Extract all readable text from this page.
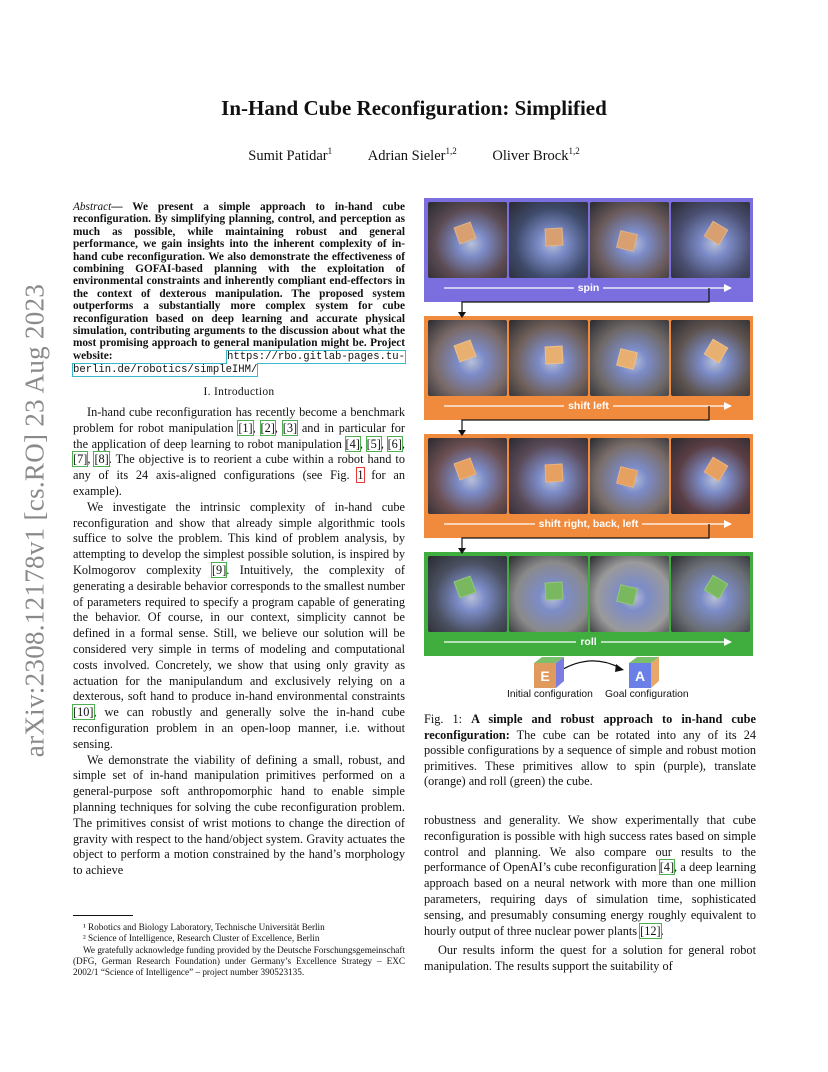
arXiv:2308.12178v1 [cs.RO] 23 Aug 2023
In-Hand Cube Reconfiguration: Simplified
Sumit Patidar$^1$ Adrian Sieler$^{1,2}$ Oliver Brock$^{1,2}$
Abstract— We present a simple approach to in-hand cube reconfiguration. By simplifying planning, control, and perception as much as possible, while maintaining robust and general performance, we gain insights into the inherent complexity of in-hand cube reconfiguration. We also demonstrate the effectiveness of combining GOFAI-based planning with the exploitation of environmental constraints and inherently compliant end-effectors in the context of dexterous manipulation. The proposed system outperforms a substantially more complex system for cube reconfiguration based on deep learning and accurate physical simulation, contributing arguments to the discussion about what the most promising approach to general manipulation might be. Project website: https://rbo.gitlab-pages.tu-berlin.de/robotics/simpleIHM/
I. Introduction

In-hand cube reconfiguration has recently become a benchmark problem for robot manipulation [1], [2], [3] and in particular for the application of deep learning to robot manipulation [4], [5], [6], [7], [8]. The objective is to reorient a cube within a robot hand to any of its 24 axis-aligned configurations (see Fig. 1 for an example).

We investigate the intrinsic complexity of in-hand cube reconfiguration and show that already simple algorithmic tools suffice to solve the problem. This kind of problem analysis, by attempting to develop the simplest possible solution, is inspired by Kolmogorov complexity [9]. Intuitively, the complexity of generating a desirable behavior corresponds to the smallest number of parameters required to specify a program capable of generating the behavior. Of course, in our context, simplicity cannot be defined in a formal sense. Still, we believe our solution will be considered very simple in terms of modeling and computational costs involved. Concretely, we show that using only gravity as actuation for the manipulandum and exclusively relying on a dexterous, soft hand to produce in-hand environmental constraints [10], we can robustly and generally solve the in-hand cube reconfiguration problem in an open-loop manner, i.e. without sensing.

We demonstrate the viability of defining a small, robust, and simple set of in-hand manipulation primitives performed on a general-purpose soft anthropomorphic hand to enable simple planning techniques for solving the cube reconfiguration problem. The primitives consist of wrist motions to change the direction of gravity with respect to the hand/object system. Gravity actuates the object to perform a motion constrained by the hand’s morphology to achieve

¹ Robotics and Biology Laboratory, Technische Universität Berlin

² Science of Intelligence, Research Cluster of Excellence, Berlin

We gratefully acknowledge funding provided by the Deutsche Forschungsgemeinschaft (DFG, German Research Foundation) under Germany’s Excellence Strategy – EXC 2002/1 “Science of Intelligence” – project number 390523135.

spin
shift left
shift right, back, left
roll
E	A
Initial configuration Goal configuration
Fig. 1: A simple and robust approach to in-hand cube reconfiguration: The cube can be rotated into any of its 24 possible configurations by a sequence of simple and robust motion primitives. These primitives allow to spin (purple), translate (orange) and roll (green) the cube.

robustness and generality. We show experimentally that cube reconfiguration is possible with high success rates based on simple control and planning. We also compare our results to the performance of OpenAI’s cube reconfiguration [4], a deep learning approach based on a neural network with more than one million parameters, requiring days of simulation time, sophisticated sensing, and presumably consuming energy roughly equivalent to hourly output of three nuclear power plants [12].

Our results inform the quest for a solution for general robot manipulation. The results support the suitability of
